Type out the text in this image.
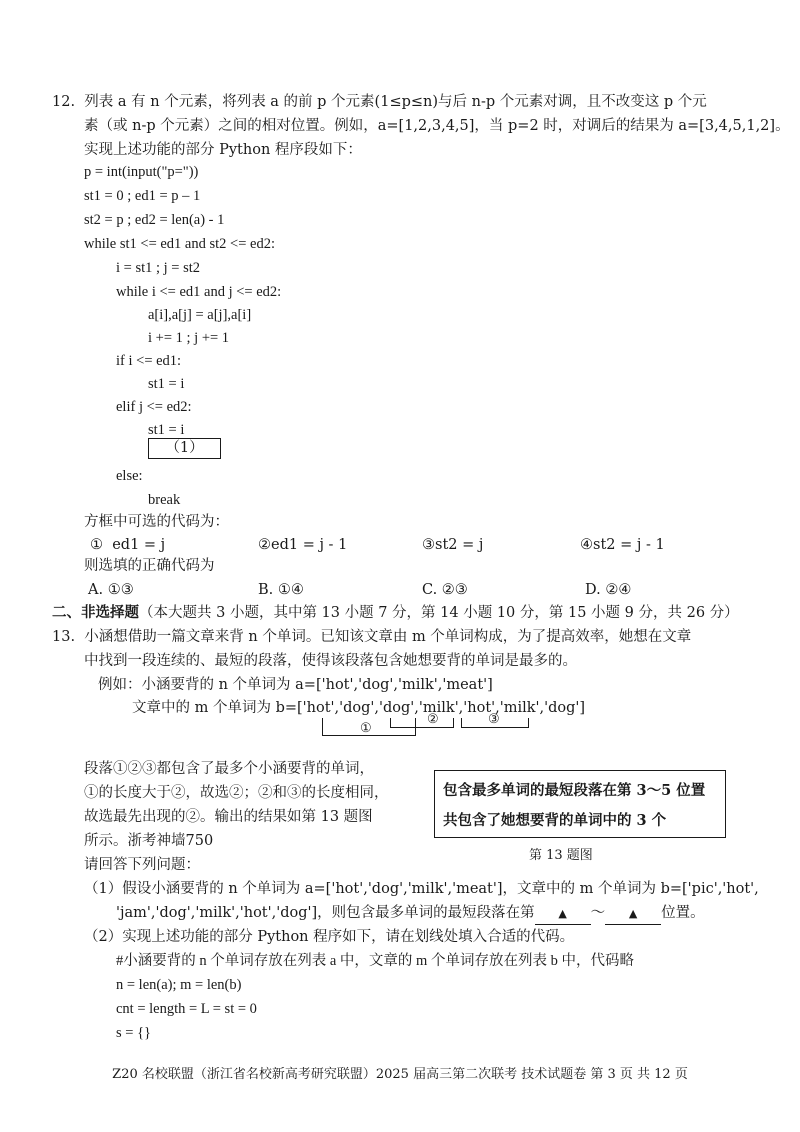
12.  列表 a 有 n 个元素，将列表 a 的前 p 个元素(1≤p≤n)与后 n-p 个元素对调，且不改变这 p 个元
素（或 n-p 个元素）之间的相对位置。例如，a=[1,2,3,4,5]，当 p=2 时，对调后的结果为 a=[3,4,5,1,2]。
实现上述功能的部分 Python 程序段如下：
p = int(input("p="))
st1 = 0 ; ed1 = p – 1
st2 = p ; ed2 = len(a) - 1
while st1 <= ed1 and st2 <= ed2:
i = st1 ; j = st2
while i <= ed1 and j <= ed2:
a[i],a[j] = a[j],a[i]
i += 1 ; j += 1
if i <= ed1:
st1 = i
elif j <= ed2:
st1 = i
（1）
else:
break
方框中可选的代码为：
①  ed1 = j	②ed1 = j - 1	③st2 = j	④st2 = j - 1
则选填的正确代码为
A. ①③	B. ①④	C. ②③	D. ②④
二、非选择题（本大题共 3 小题，其中第 13 小题 7 分，第 14 小题 10 分，第 15 小题 9 分，共 26 分）
13.  小涵想借助一篇文章来背 n 个单词。已知该文章由 m 个单词构成，为了提高效率，她想在文章
中找到一段连续的、最短的段落，使得该段落包含她想要背的单词是最多的。
例如：小涵要背的 n 个单词为 a=['hot','dog','milk','meat']
文章中的 m 个单词为 b=['hot','dog','dog','milk','hot','milk','dog']
①
②	③
段落①②③都包含了最多个小涵要背的单词，
①的长度大于②，故选②；②和③的长度相同，
故选最先出现的②。输出的结果如第 13 题图
所示。浙考神墙750
包含最多单词的最短段落在第 3～5 位置
共包含了她想要背的单词中的 3 个
第 13 题图
请回答下列问题：
（1）假设小涵要背的 n 个单词为 a=['hot','dog','milk','meat']，文章中的 m 个单词为 b=['pic','hot',
'jam','dog','milk','hot','dog']，则包含最多单词的最短段落在第 ▲ ～ ▲ 位置。
（2）实现上述功能的部分 Python 程序如下，请在划线处填入合适的代码。
#小涵要背的 n 个单词存放在列表 a 中，文章的 m 个单词存放在列表 b 中，代码略
n = len(a); m = len(b)
cnt = length = L = st = 0
s = {}
Z20 名校联盟（浙江省名校新高考研究联盟）2025 届高三第二次联考 技术试题卷 第 3 页 共 12 页
